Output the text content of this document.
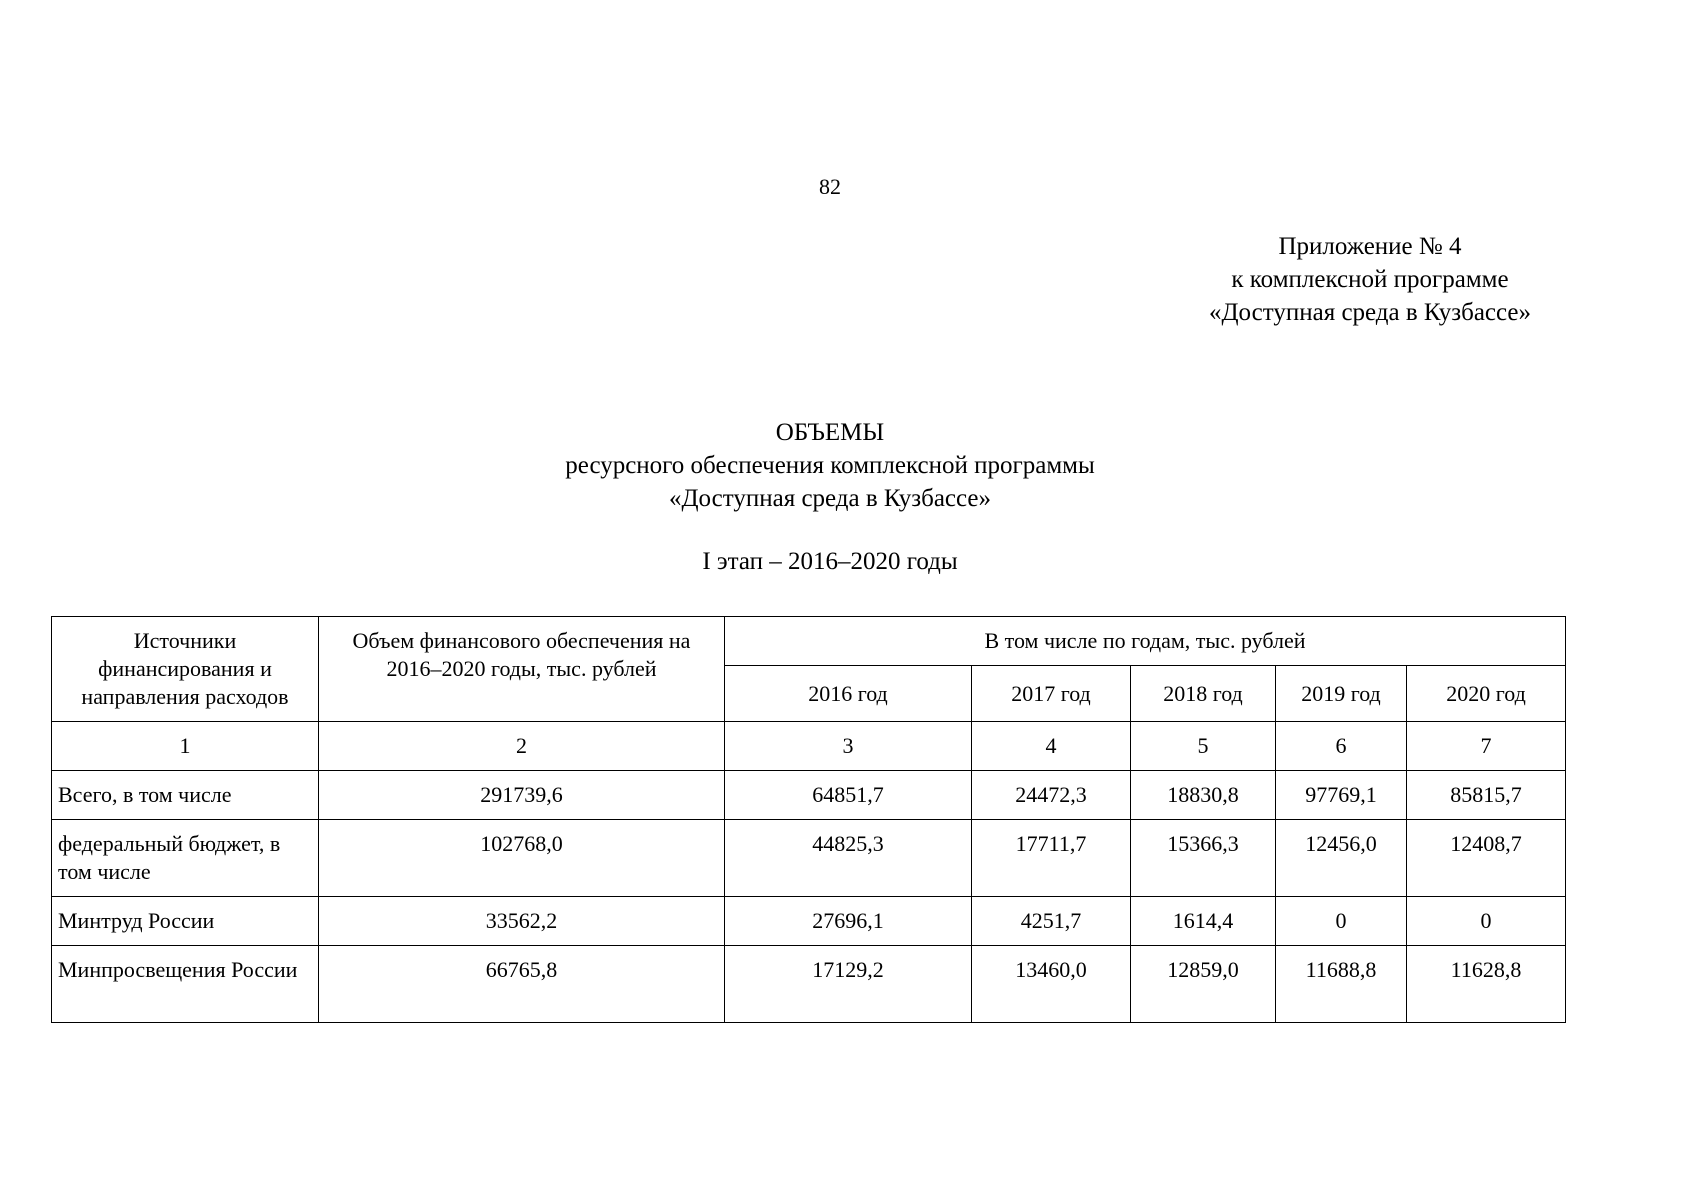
82
Приложение № 4
к комплексной программе
«Доступная среда в Кузбассе»
ОБЪЕМЫ
ресурсного обеспечения комплексной программы
«Доступная среда в Кузбассе»
I этап – 2016–2020 годы
Источники финансирования и направления расходов	Объем финансового обеспечения на 2016–2020 годы, тыс. рублей	В том числе по годам, тыс. рублей				
		2016 год	2017 год	2018 год	2019 год	2020 год
1	2	3	4	5	6	7
Всего, в том числе	291739,6	64851,7	24472,3	18830,8	97769,1	85815,7
федеральный бюджет, в том числе	102768,0	44825,3	17711,7	15366,3	12456,0	12408,7
Минтруд России	33562,2	27696,1	4251,7	1614,4	0	0
Минпросвещения России	66765,8	17129,2	13460,0	12859,0	11688,8	11628,8
